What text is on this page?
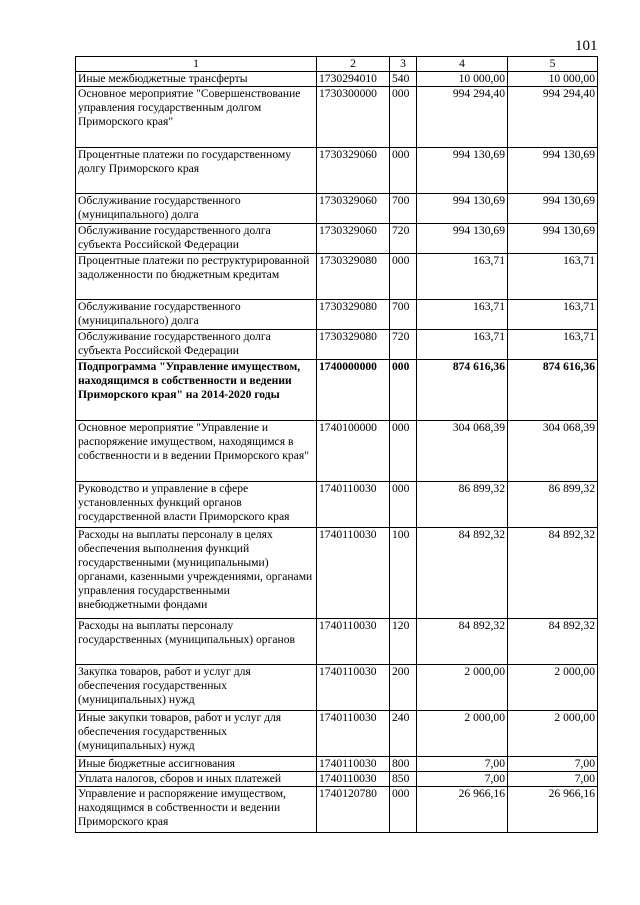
101
1	2	3	4	5
Иные межбюджетные трансферты	1730294010	540	10 000,00	10 000,00
Основное мероприятие "Совершенствование управления государственным долгом Приморского края"	1730300000	000	994 294,40	994 294,40
Процентные платежи по государственному долгу Приморского края	1730329060	000	994 130,69	994 130,69
Обслуживание государственного (муниципального) долга	1730329060	700	994 130,69	994 130,69
Обслуживание государственного долга субъекта Российской Федерации	1730329060	720	994 130,69	994 130,69
Процентные платежи по реструктурированной задолженности по бюджетным кредитам	1730329080	000	163,71	163,71
Обслуживание государственного (муниципального) долга	1730329080	700	163,71	163,71
Обслуживание государственного долга субъекта Российской Федерации	1730329080	720	163,71	163,71
Подпрограмма "Управление имуществом, находящимся в собственности и ведении Приморского края" на 2014-2020 годы	1740000000	000	874 616,36	874 616,36
Основное мероприятие "Управление и распоряжение имуществом, находящимся в собственности и в ведении Приморского края"	1740100000	000	304 068,39	304 068,39
Руководство и управление в сфере установленных функций органов государственной власти Приморского края	1740110030	000	86 899,32	86 899,32
Расходы на выплаты персоналу в целях обеспечения выполнения функций государственными (муниципальными) органами, казенными учреждениями, органами управления государственными внебюджетными фондами	1740110030	100	84 892,32	84 892,32
Расходы на выплаты персоналу государственных (муниципальных) органов	1740110030	120	84 892,32	84 892,32
Закупка товаров, работ и услуг для обеспечения государственных (муниципальных) нужд	1740110030	200	2 000,00	2 000,00
Иные закупки товаров, работ и услуг для обеспечения государственных (муниципальных) нужд	1740110030	240	2 000,00	2 000,00
Иные бюджетные ассигнования	1740110030	800	7,00	7,00
Уплата налогов, сборов и иных платежей	1740110030	850	7,00	7,00
Управление и распоряжение имуществом, находящимся в собственности и ведении Приморского края	1740120780	000	26 966,16	26 966,16
